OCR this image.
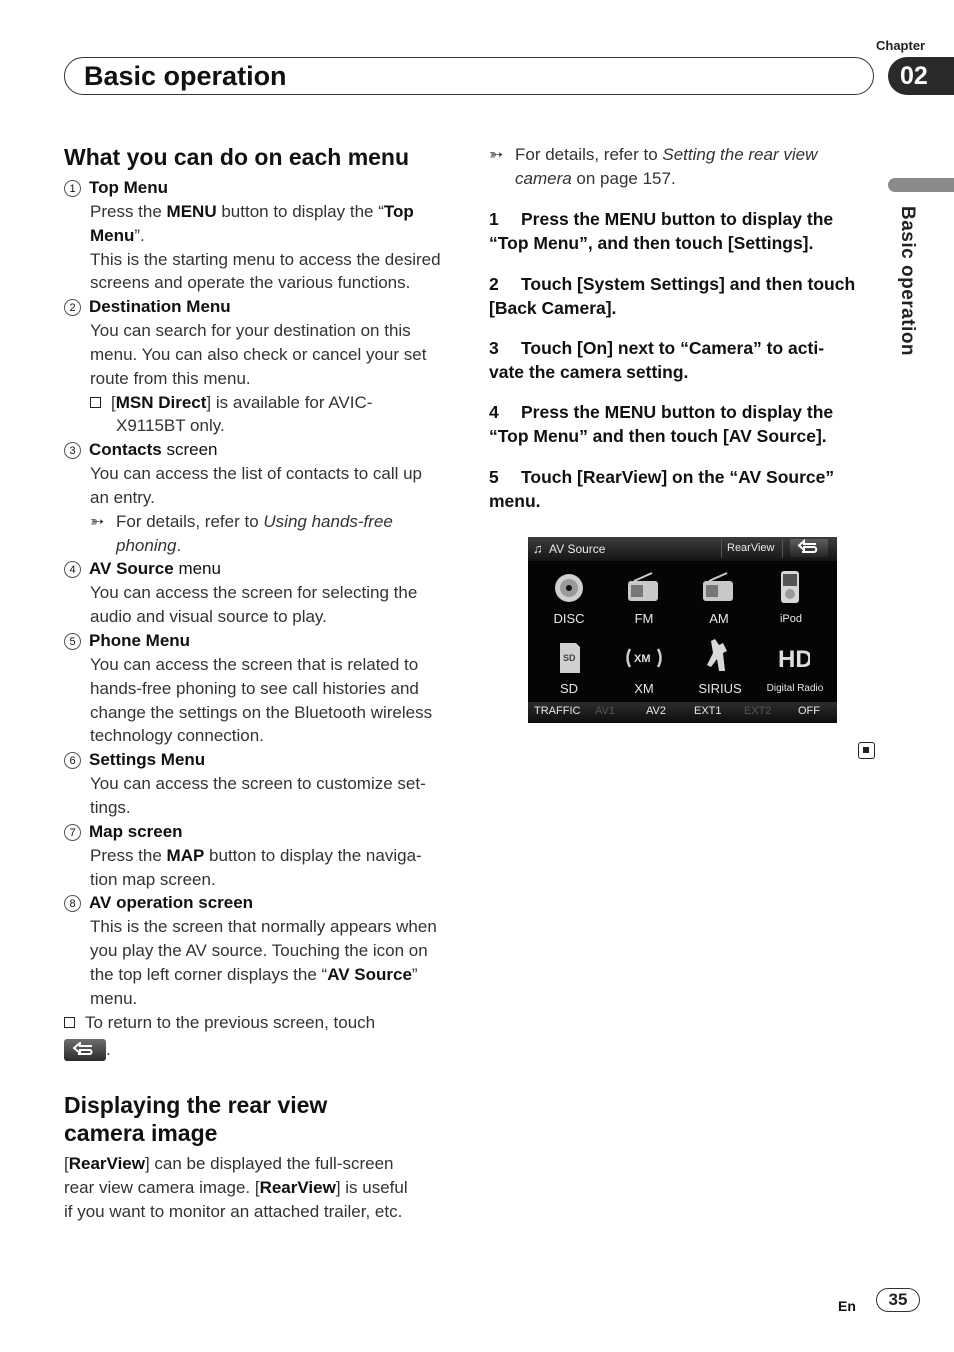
Chapter
Basic operation	02
Basic operation
What you can do on each menu
1 Top Menu
Press the MENU button to display the “Top
Menu”.
This is the starting menu to access the desired
screens and operate the various functions.
2 Destination Menu
You can search for your destination on this
menu. You can also check or cancel your set
route from this menu.
[MSN Direct] is available for AVIC-
X9115BT only.
3 Contacts screen
You can access the list of contacts to call up
an entry.
➳ For details, refer to Using hands-free
phoning.
4 AV Source menu
You can access the screen for selecting the
audio and visual source to play.
5 Phone Menu
You can access the screen that is related to
hands-free phoning to see call histories and
change the settings on the Bluetooth wireless
technology connection.
6 Settings Menu
You can access the screen to customize set-
tings.
7 Map screen
Press the MAP button to display the naviga-
tion map screen.
8 AV operation screen
This is the screen that normally appears when
you play the AV source. Touching the icon on
the top left corner displays the “AV Source”
menu.
To return to the previous screen, touch

.
Displaying the rear view
camera image
[RearView] can be displayed the full-screen
rear view camera image. [RearView] is useful
if you want to monitor an attached trailer, etc.
➳ For details, refer to Setting the rear view
camera on page 157.
1 Press the MENU button to display the
“Top Menu”, and then touch [Settings].
2 Touch [System Settings] and then touch
[Back Camera].
3 Touch [On] next to “Camera” to acti-
vate the camera setting.
4 Press the MENU button to display the
“Top Menu” and then touch [AV Source].
5 Touch [RearView] on the “AV Source”
menu.
♫ AV Source	RearView
DISC	FM	AM	iPod
SD	XM	HD
SD	XM	SIRIUS	Digital Radio
TRAFFIC AV1	AV2	EXT1 EXT2 OFF
En	35
